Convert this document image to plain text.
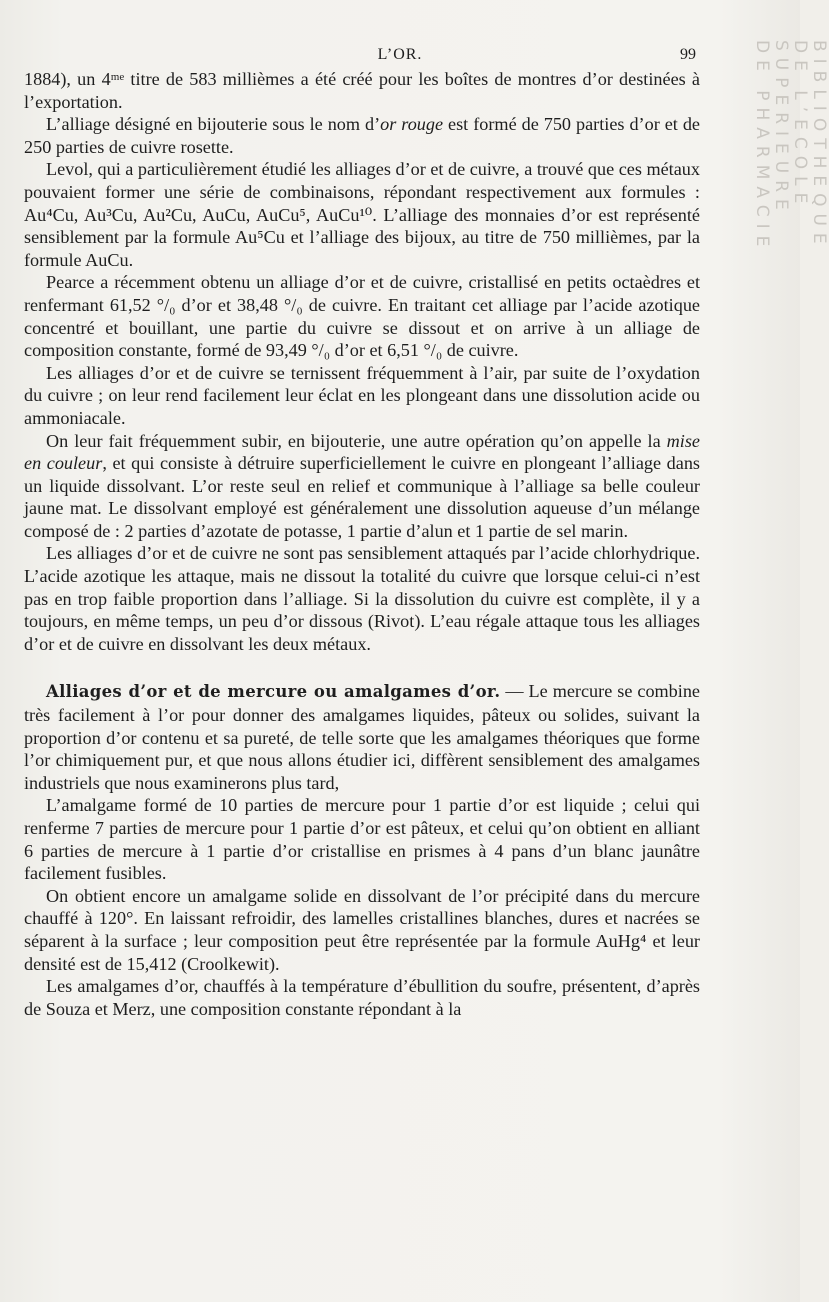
L’OR.	99	BIBLIOTHEQUE
DE L’ECOLE SUPERIEURE
DE PHARMACIE

1884), un 4ᵐᵉ titre de 583 millièmes a été créé pour les boîtes de montres d’or destinées à l’exportation.

L’alliage désigné en bijouterie sous le nom d’or rouge est formé de 750 parties d’or et de 250 parties de cuivre rosette.

Levol, qui a particulièrement étudié les alliages d’or et de cuivre, a trouvé que ces métaux pouvaient former une série de combinaisons, répondant respectivement aux formules : Au⁴Cu, Au³Cu, Au²Cu, AuCu, AuCu⁵, AuCu¹⁰. L’alliage des monnaies d’or est représenté sensiblement par la formule Au⁵Cu et l’alliage des bijoux, au titre de 750 millièmes, par la formule AuCu.

Pearce a récemment obtenu un alliage d’or et de cuivre, cristallisé en petits octaèdres et renfermant 61,52 °/₀ d’or et 38,48 °/₀ de cuivre. En traitant cet alliage par l’acide azotique concentré et bouillant, une partie du cuivre se dissout et on arrive à un alliage de composition constante, formé de 93,49 °/₀ d’or et 6,51 °/₀ de cuivre.

Les alliages d’or et de cuivre se ternissent fréquemment à l’air, par suite de l’oxydation du cuivre ; on leur rend facilement leur éclat en les plongeant dans une dissolution acide ou ammoniacale.

On leur fait fréquemment subir, en bijouterie, une autre opération qu’on appelle la mise en couleur, et qui consiste à détruire superficiellement le cuivre en plongeant l’alliage dans un liquide dissolvant. L’or reste seul en relief et communique à l’alliage sa belle couleur jaune mat. Le dissolvant employé est généralement une dissolution aqueuse d’un mélange composé de : 2 parties d’azotate de potasse, 1 partie d’alun et 1 partie de sel marin.

Les alliages d’or et de cuivre ne sont pas sensiblement attaqués par l’acide chlorhydrique. L’acide azotique les attaque, mais ne dissout la totalité du cuivre que lorsque celui-ci n’est pas en trop faible proportion dans l’alliage. Si la dissolution du cuivre est complète, il y a toujours, en même temps, un peu d’or dissous (Rivot). L’eau régale attaque tous les alliages d’or et de cuivre en dissolvant les deux métaux.

Alliages d’or et de mercure ou amalgames d’or. — Le mercure se combine très facilement à l’or pour donner des amalgames liquides, pâteux ou solides, suivant la proportion d’or contenu et sa pureté, de telle sorte que les amalgames théoriques que forme l’or chimiquement pur, et que nous allons étudier ici, diffèrent sensiblement des amalgames industriels que nous examinerons plus tard,

L’amalgame formé de 10 parties de mercure pour 1 partie d’or est liquide ; celui qui renferme 7 parties de mercure pour 1 partie d’or est pâteux, et celui qu’on obtient en alliant 6 parties de mercure à 1 partie d’or cristallise en prismes à 4 pans d’un blanc jaunâtre facilement fusibles.

On obtient encore un amalgame solide en dissolvant de l’or précipité dans du mercure chauffé à 120°. En laissant refroidir, des lamelles cristallines blanches, dures et nacrées se séparent à la surface ; leur composition peut être représentée par la formule AuHg⁴ et leur densité est de 15,412 (Croolkewit).

Les amalgames d’or, chauffés à la température d’ébullition du soufre, présentent, d’après de Souza et Merz, une composition constante répondant à la
